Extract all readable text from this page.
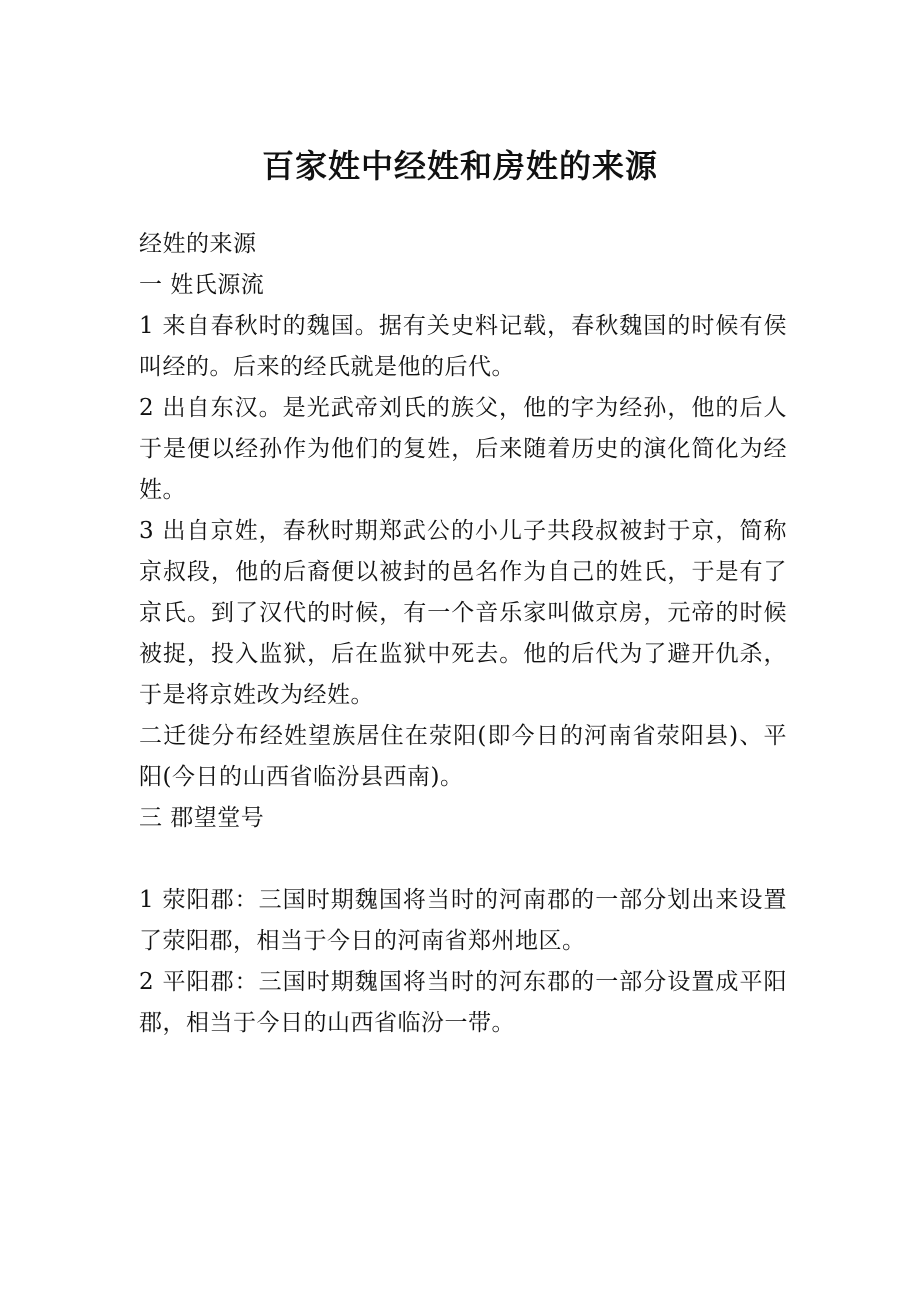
百家姓中经姓和房姓的来源

经姓的来源

一 姓氏源流

1 来自春秋时的魏国。据有关史料记载，春秋魏国的时候有侯叫经的。后来的经氏就是他的后代。

2 出自东汉。是光武帝刘氏的族父，他的字为经孙，他的后人于是便以经孙作为他们的复姓，后来随着历史的演化简化为经姓。

3 出自京姓，春秋时期郑武公的小儿子共段叔被封于京，简称京叔段，他的后裔便以被封的邑名作为自己的姓氏，于是有了京氏。到了汉代的时候，有一个音乐家叫做京房，元帝的时候被捉，投入监狱，后在监狱中死去。他的后代为了避开仇杀，于是将京姓改为经姓。

二迁徙分布经姓望族居住在荥阳(即今日的河南省荥阳县)、平阳(今日的山西省临汾县西南)。

三 郡望堂号

1 荥阳郡：三国时期魏国将当时的河南郡的一部分划出来设置了荥阳郡，相当于今日的河南省郑州地区。

2 平阳郡：三国时期魏国将当时的河东郡的一部分设置成平阳郡，相当于今日的山西省临汾一带。
